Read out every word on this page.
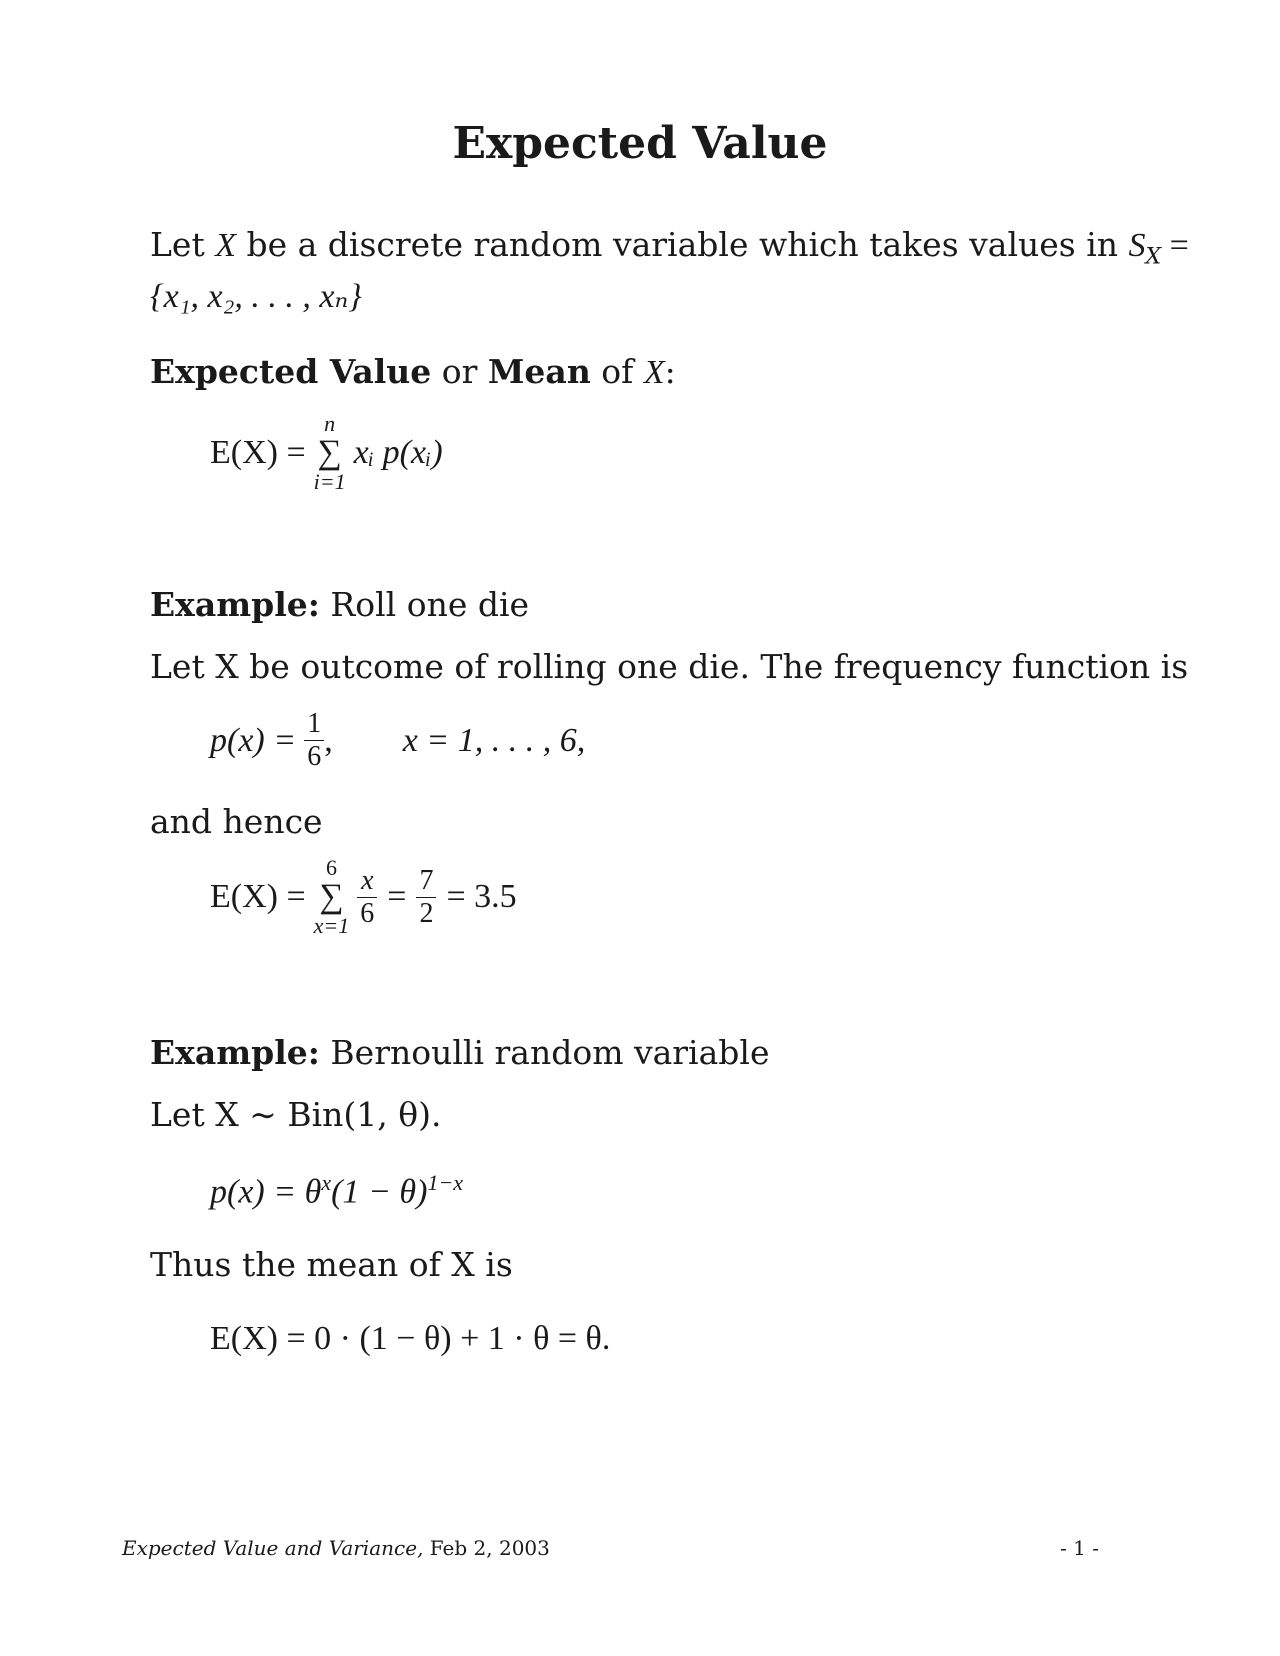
Expected Value
Let X be a discrete random variable which takes values in $S_X$ =
{x₁, x₂, . . . , xₙ}
Expected Value or Mean of X:
E(X) =
n
∑
i=1
xᵢ p(xᵢ)
Example: Roll one die
Let X be outcome of rolling one die. The frequency function is
$p(x) = \frac{1}{6}$ , x = 1, . . . , 6,
and hence
E(X) =
6
∑
$x=1 \frac{x}{6} = \frac{7}{2} = 3.5$
Example: Bernoulli random variable
Let X ∼ Bin(1, θ).
$p(x) = \theta^x(1 - \theta)^{1-x}$
Thus the mean of X is
E(X) = 0 · (1 − θ) + 1 · θ = θ.
Expected Value and Variance, Feb 2, 2003	- 1 -
